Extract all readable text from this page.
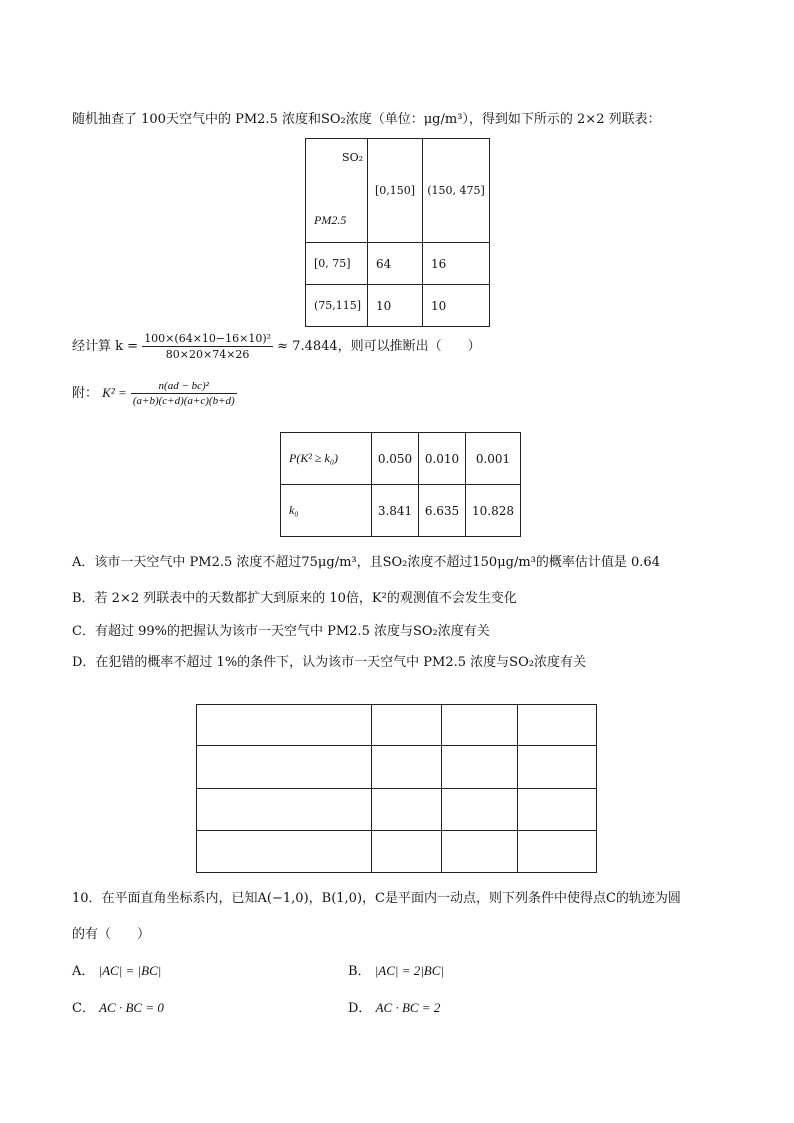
随机抽查了 100天空气中的 PM2.5 浓度和SO₂浓度（单位：μg/m³），得到如下所示的 2×2 列联表：
SO₂
PM2.5	[0,150]	(150, 475]
[0, 75]	64	16
(75,115]	10	10
经计算 $k = \frac{\text{100×(64×10−16×10)²}}{80\times 20\times 74\times 26} \approx 7.4844$，则可以推断出（　　）
附： $K^2 = \frac{\text{n(ad − bc)²}}{(a+b)(c+d)(a+c)(b+d)}$
P(K² ≥ k₀)	0.050	0.010	0.001
k₀	3.841	6.635	10.828
A．该市一天空气中 PM2.5 浓度不超过75μg/m³，且SO₂浓度不超过150μg/m³的概率估计值是 0.64
B．若 2×2 列联表中的天数都扩大到原来的 10倍，K²的观测值不会发生变化
C．有超过 99%的把握认为该市一天空气中 PM2.5 浓度与SO₂浓度有关
D．在犯错的概率不超过 1%的条件下，认为该市一天空气中 PM2.5 浓度与SO₂浓度有关

10．在平面直角坐标系内，已知A(−1,0)，B(1,0)，C是平面内一动点，则下列条件中使得点C的轨迹为圆
的有（　　）
A． |AC| = |BC|	B． |AC| = 2|BC|
C． AC · BC = 0	D． AC · BC = 2
